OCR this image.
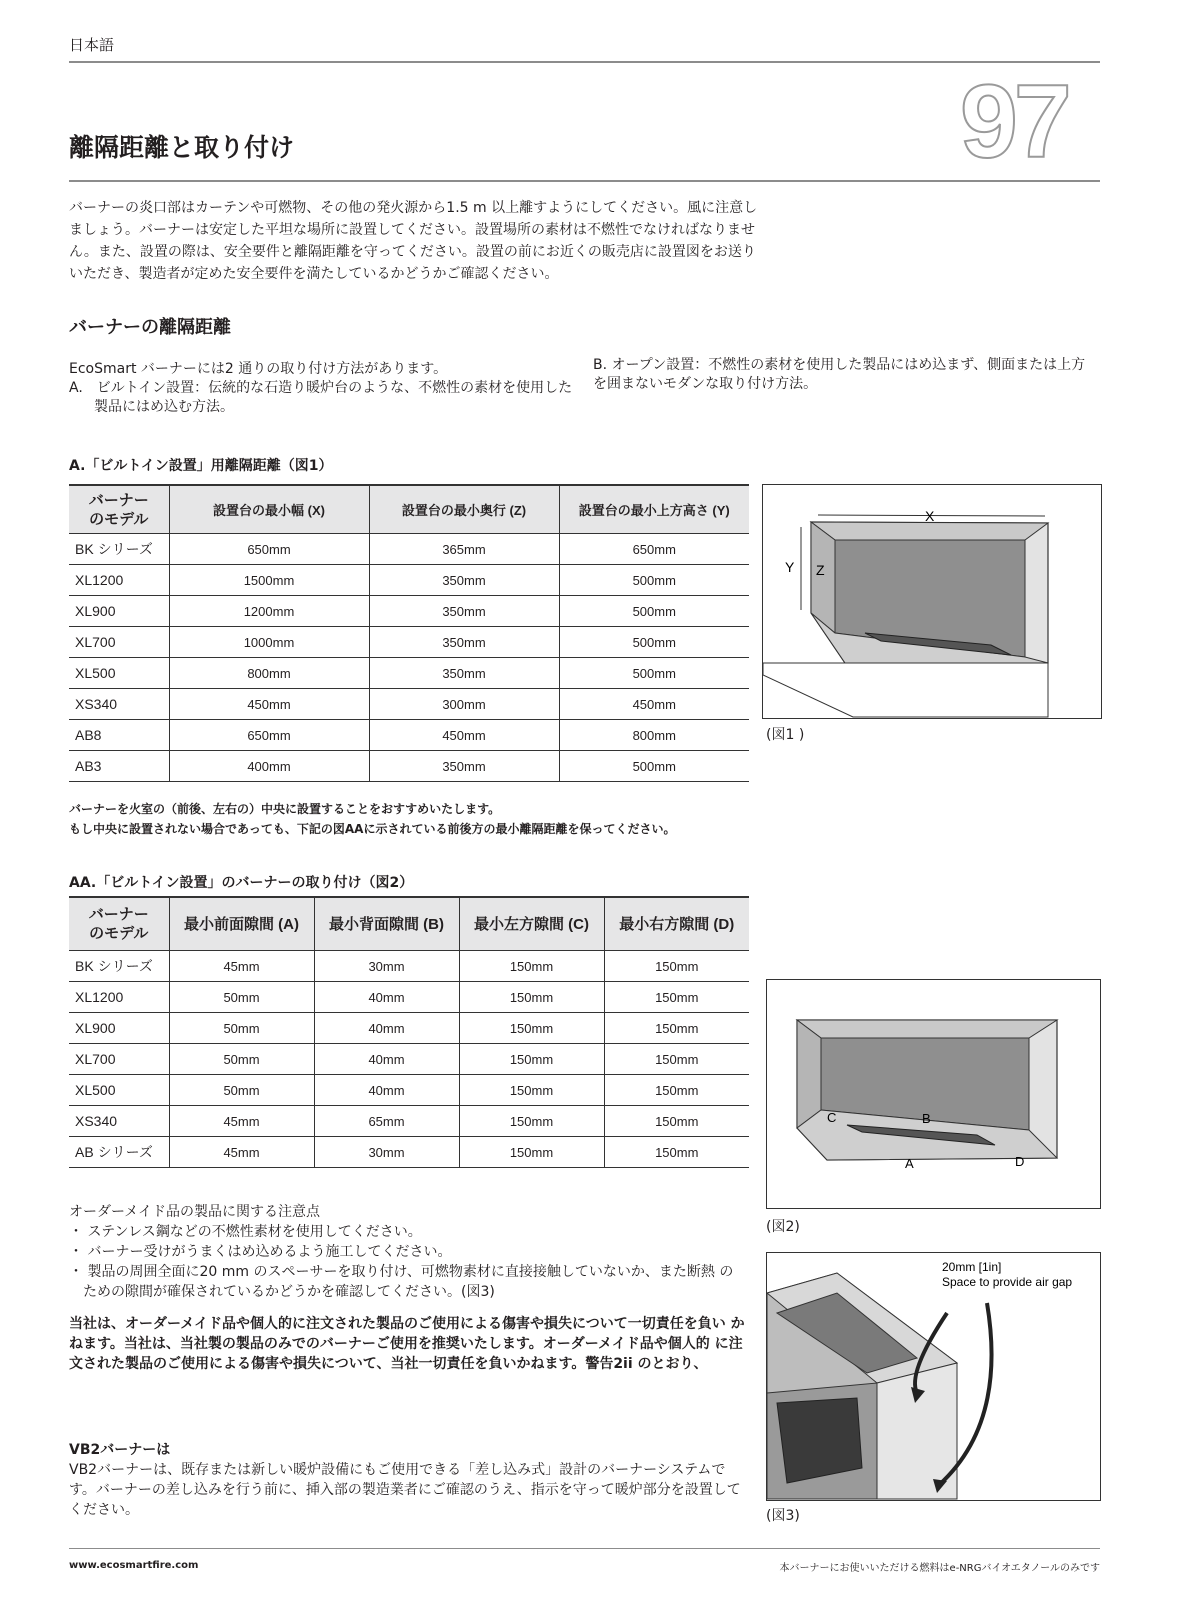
日本語
97
離隔距離と取り付け
バーナーの炎口部はカーテンや可燃物、その他の発火源から1.5 m 以上離すようにしてください。風に注意しましょう。バーナーは安定した平坦な場所に設置してください。設置場所の素材は不燃性でなければなりません。また、設置の際は、安全要件と離隔距離を守ってください。設置の前にお近くの販売店に設置図をお送りいただき、製造者が定めた安全要件を満たしているかどうかご確認ください。
バーナーの離隔距離
EcoSmart バーナーには2 通りの取り付け方法があります。
A.　ビルトイン設置：伝統的な石造り暖炉台のような、不燃性の素材を使用した製品にはめ込む方法。
B. オープン設置：不燃性の素材を使用した製品にはめ込まず、側面または上方を囲まないモダンな取り付け方法。
A.「ビルトイン設置」用離隔距離（図1）
バーナーのモデル	設置台の最小幅 (X)	設置台の最小奥行 (Z)	設置台の最小上方高さ (Y)
BK シリーズ	650mm	365mm	650mm
XL1200	1500mm	350mm	500mm
XL900	1200mm	350mm	500mm
XL700	1000mm	350mm	500mm
XL500	800mm	350mm	500mm
XS340	450mm	300mm	450mm
AB8	650mm	450mm	800mm
AB3	400mm	350mm	500mm
バーナーを火室の（前後、左右の）中央に設置することをおすすめいたします。
もし中央に設置されない場合であっても、下記の図AAに示されている前後方の最小離隔距離を保ってください。
AA.「ビルトイン設置」のバーナーの取り付け（図2）
バーナーのモデル	最小前面隙間 (A)	最小背面隙間 (B)	最小左方隙間 (C)	最小右方隙間 (D)
BK シリーズ	45mm	30mm	150mm	150mm
XL1200	50mm	40mm	150mm	150mm
XL900	50mm	40mm	150mm	150mm
XL700	50mm	40mm	150mm	150mm
XL500	50mm	40mm	150mm	150mm
XS340	45mm	65mm	150mm	150mm
AB シリーズ	45mm	30mm	150mm	150mm
オーダーメイド品の製品に関する注意点
・ ステンレス鋼などの不燃性素材を使用してください。
・ バーナー受けがうまくはめ込めるよう施工してください。
・ 製品の周囲全面に20 mm のスペーサーを取り付け、可燃物素材に直接接触していないか、また断熱 の ための隙間が確保されているかどうかを確認してください。(図3)
当社は、オーダーメイド品や個人的に注文された製品のご使用による傷害や損失について一切責任を負い かねます。当社は、当社製の製品のみでのバーナーご使用を推奨いたします。オーダーメイド品や個人的 に注文された製品のご使用による傷害や損失について、当社一切責任を負いかねます。警告2ii のとおり、
VB2バーナーは
VB2バーナーは、既存または新しい暖炉設備にもご使用できる「差し込み式」設計のバーナーシステムです。バーナーの差し込みを行う前に、挿入部の製造業者にご確認のうえ、指示を守って暖炉部分を設置してください。
X
Y Z
(図1 )
C	B
A	D
(図2)
20mm [1in]
Space to provide air gap
(図3)
www.ecosmartfire.com	本バーナーにお使いいただける燃料はe-NRGバイオエタノールのみです
